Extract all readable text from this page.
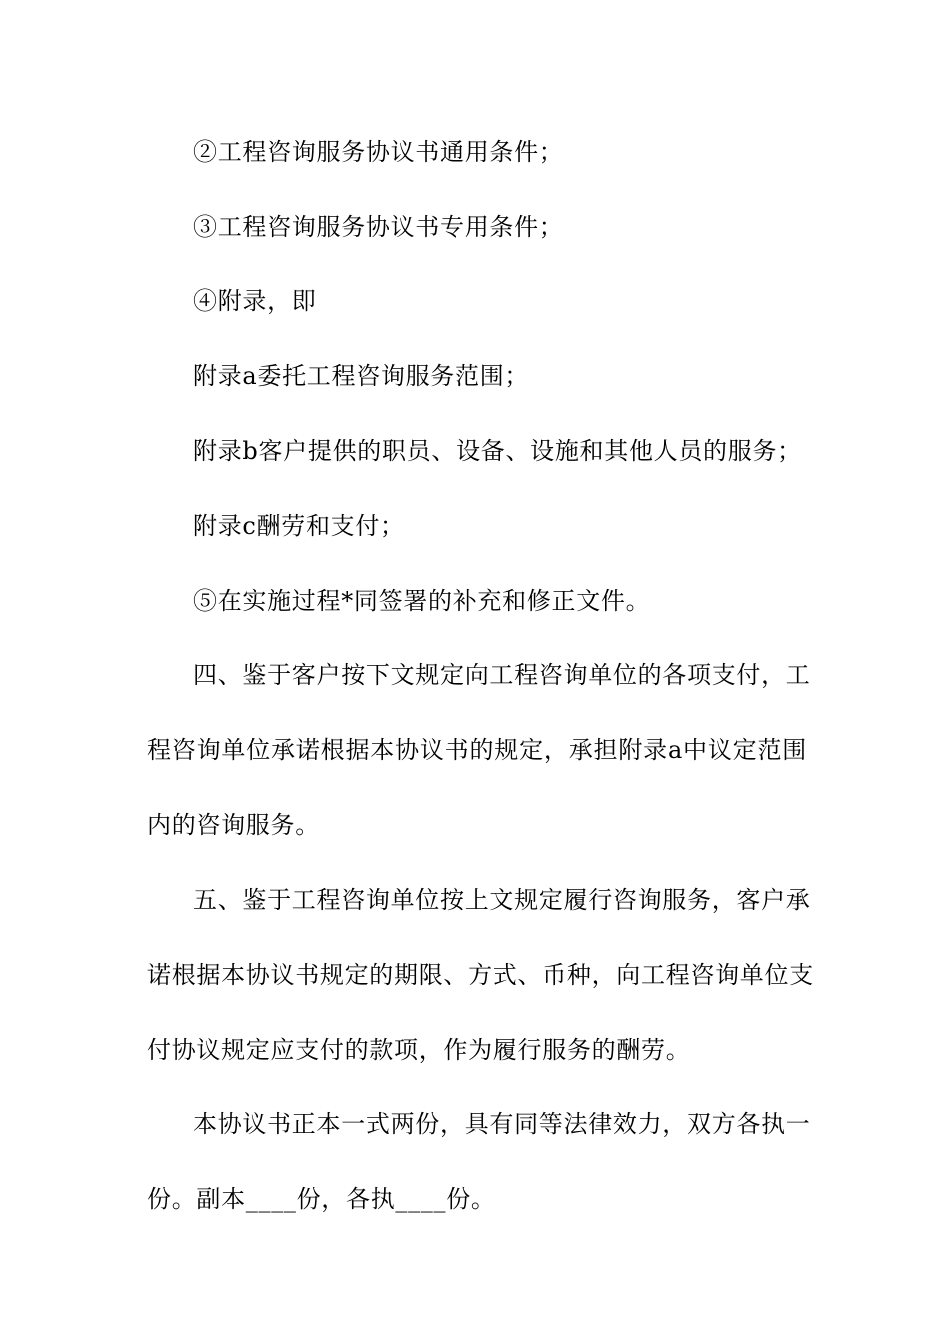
②工程咨询服务协议书通用条件；
③工程咨询服务协议书专用条件；
④附录，即
附录a委托工程咨询服务范围；
附录b客户提供的职员、设备、设施和其他人员的服务；
附录c酬劳和支付；
⑤在实施过程*同签署的补充和修正文件。
四、鉴于客户按下文规定向工程咨询单位的各项支付，工
程咨询单位承诺根据本协议书的规定，承担附录a中议定范围
内的咨询服务。
五、鉴于工程咨询单位按上文规定履行咨询服务，客户承
诺根据本协议书规定的期限、方式、币种，向工程咨询单位支
付协议规定应支付的款项，作为履行服务的酬劳。
本协议书正本一式两份，具有同等法律效力，双方各执一
份。副本____份，各执____份。
